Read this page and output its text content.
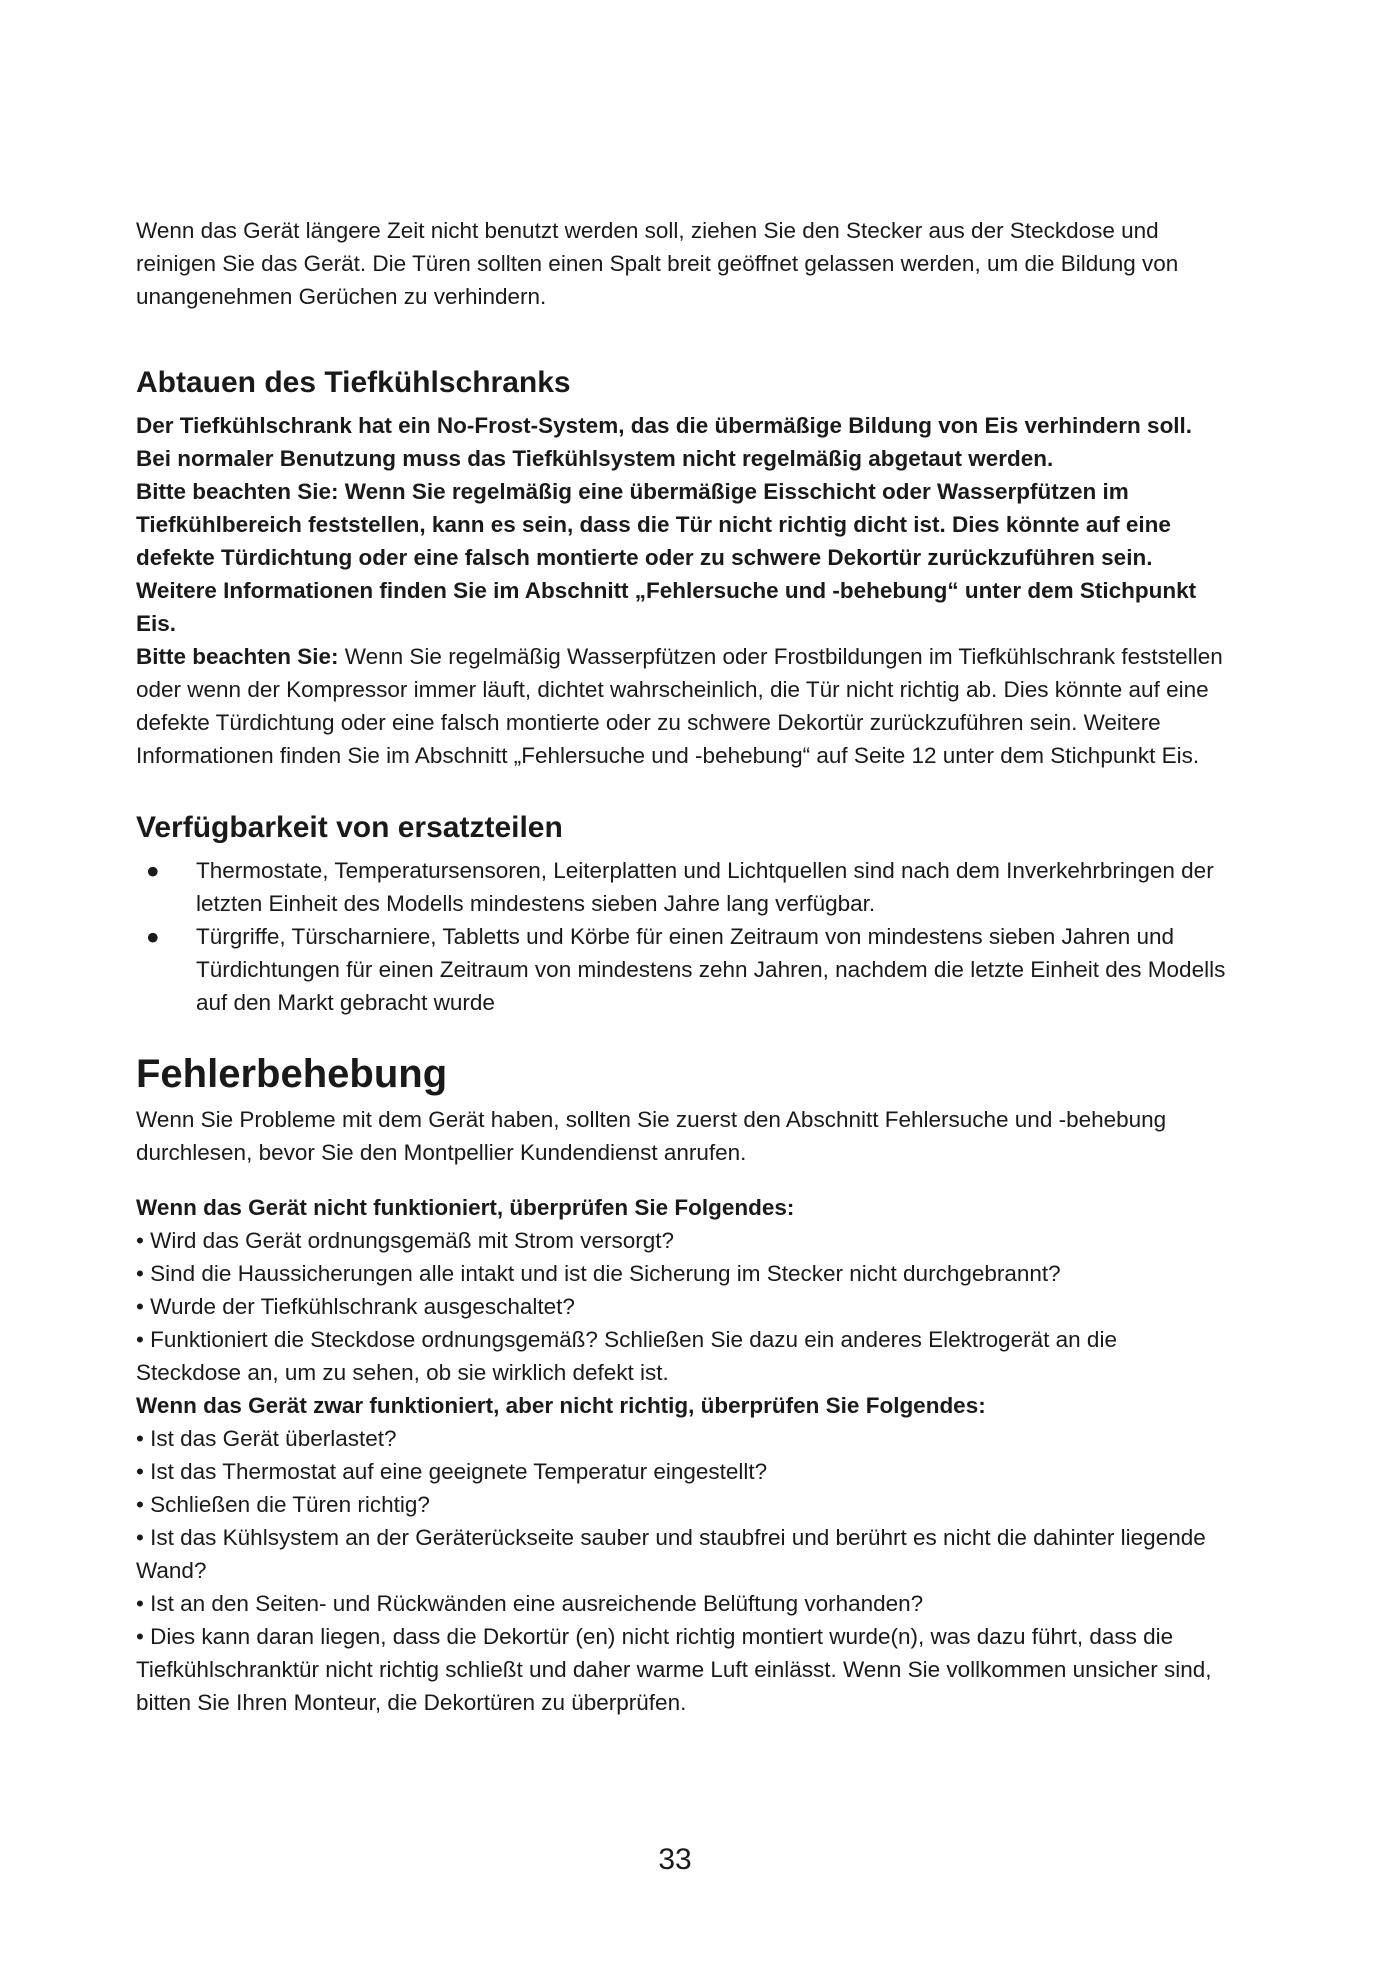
Wenn das Gerät längere Zeit nicht benutzt werden soll, ziehen Sie den Stecker aus der Steckdose und reinigen Sie das Gerät. Die Türen sollten einen Spalt breit geöffnet gelassen werden, um die Bildung von unangenehmen Gerüchen zu verhindern.

Abtauen des Tiefkühlschranks

Der Tiefkühlschrank hat ein No-Frost-System, das die übermäßige Bildung von Eis verhindern soll. Bei normaler Benutzung muss das Tiefkühlsystem nicht regelmäßig abgetaut werden.

Bitte beachten Sie: Wenn Sie regelmäßig eine übermäßige Eisschicht oder Wasserpfützen im Tiefkühlbereich feststellen, kann es sein, dass die Tür nicht richtig dicht ist. Dies könnte auf eine defekte Türdichtung oder eine falsch montierte oder zu schwere Dekortür zurückzuführen sein. Weitere Informationen finden Sie im Abschnitt „Fehlersuche und -behebung“ unter dem Stichpunkt Eis.

Bitte beachten Sie: Wenn Sie regelmäßig Wasserpfützen oder Frostbildungen im Tiefkühlschrank feststellen oder wenn der Kompressor immer läuft, dichtet wahrscheinlich, die Tür nicht richtig ab. Dies könnte auf eine defekte Türdichtung oder eine falsch montierte oder zu schwere Dekortür zurückzuführen sein. Weitere Informationen finden Sie im Abschnitt „Fehlersuche und -behebung“ auf Seite 12 unter dem Stichpunkt Eis.

Verfügbarkeit von ersatzteilen
● Thermostate, Temperatursensoren, Leiterplatten und Lichtquellen sind nach dem Inverkehrbringen der letzten Einheit des Modells mindestens sieben Jahre lang verfügbar.
● Türgriffe, Türscharniere, Tabletts und Körbe für einen Zeitraum von mindestens sieben Jahren und Türdichtungen für einen Zeitraum von mindestens zehn Jahren, nachdem die letzte Einheit des Modells auf den Markt gebracht wurde
Fehlerbehebung

Wenn Sie Probleme mit dem Gerät haben, sollten Sie zuerst den Abschnitt Fehlersuche und -behebung durchlesen, bevor Sie den Montpellier Kundendienst anrufen.

Wenn das Gerät nicht funktioniert, überprüfen Sie Folgendes:

• Wird das Gerät ordnungsgemäß mit Strom versorgt?

• Sind die Haussicherungen alle intakt und ist die Sicherung im Stecker nicht durchgebrannt?

• Wurde der Tiefkühlschrank ausgeschaltet?

• Funktioniert die Steckdose ordnungsgemäß? Schließen Sie dazu ein anderes Elektrogerät an die Steckdose an, um zu sehen, ob sie wirklich defekt ist.

Wenn das Gerät zwar funktioniert, aber nicht richtig, überprüfen Sie Folgendes:

• Ist das Gerät überlastet?

• Ist das Thermostat auf eine geeignete Temperatur eingestellt?

• Schließen die Türen richtig?

• Ist das Kühlsystem an der Geräterückseite sauber und staubfrei und berührt es nicht die dahinter liegende Wand?

• Ist an den Seiten- und Rückwänden eine ausreichende Belüftung vorhanden?

• Dies kann daran liegen, dass die Dekortür (en) nicht richtig montiert wurde(n), was dazu führt, dass die Tiefkühlschranktür nicht richtig schließt und daher warme Luft einlässt. Wenn Sie vollkommen unsicher sind, bitten Sie Ihren Monteur, die Dekortüren zu überprüfen.

33
